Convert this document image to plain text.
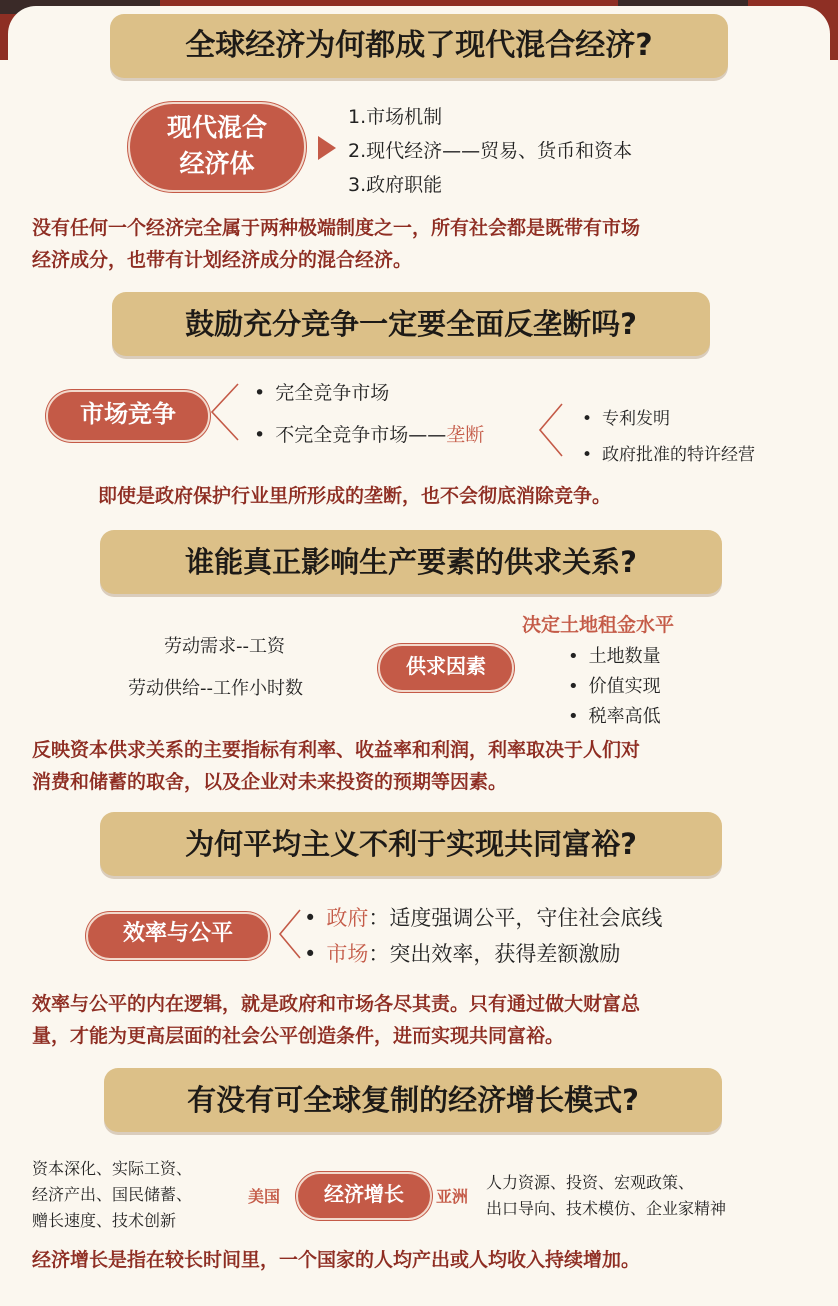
全球经济为何都成了现代混合经济?
现代混合
经济体
1.市场机制
2.现代经济——贸易、货币和资本
3.政府职能
没有任何一个经济完全属于两种极端制度之一，所有社会都是既带有市场
经济成分，也带有计划经济成分的混合经济。
鼓励充分竞争一定要全面反垄断吗?
市场竞争
• 完全竞争市场
• 不完全竞争市场——垄断
• 专利发明
• 政府批准的特许经营
即使是政府保护行业里所形成的垄断，也不会彻底消除竞争。
谁能真正影响生产要素的供求关系?
劳动需求--工资
劳动供给--工作小时数
供求因素
决定土地租金水平
• 土地数量
• 价值实现
• 税率高低
反映资本供求关系的主要指标有利率、收益率和利润，利率取决于人们对
消费和储蓄的取舍，以及企业对未来投资的预期等因素。
为何平均主义不利于实现共同富裕?
效率与公平
• 政府：适度强调公平，守住社会底线
• 市场：突出效率，获得差额激励
效率与公平的内在逻辑，就是政府和市场各尽其责。只有通过做大财富总
量，才能为更高层面的社会公平创造条件，进而实现共同富裕。
有没有可全球复制的经济增长模式?
资本深化、实际工资、
经济产出、国民储蓄、
赠长速度、技术创新
美国	经济增长	亚洲
人力资源、投资、宏观政策、
出口导向、技术模仿、企业家精神
经济增长是指在较长时间里，一个国家的人均产出或人均收入持续增加。
